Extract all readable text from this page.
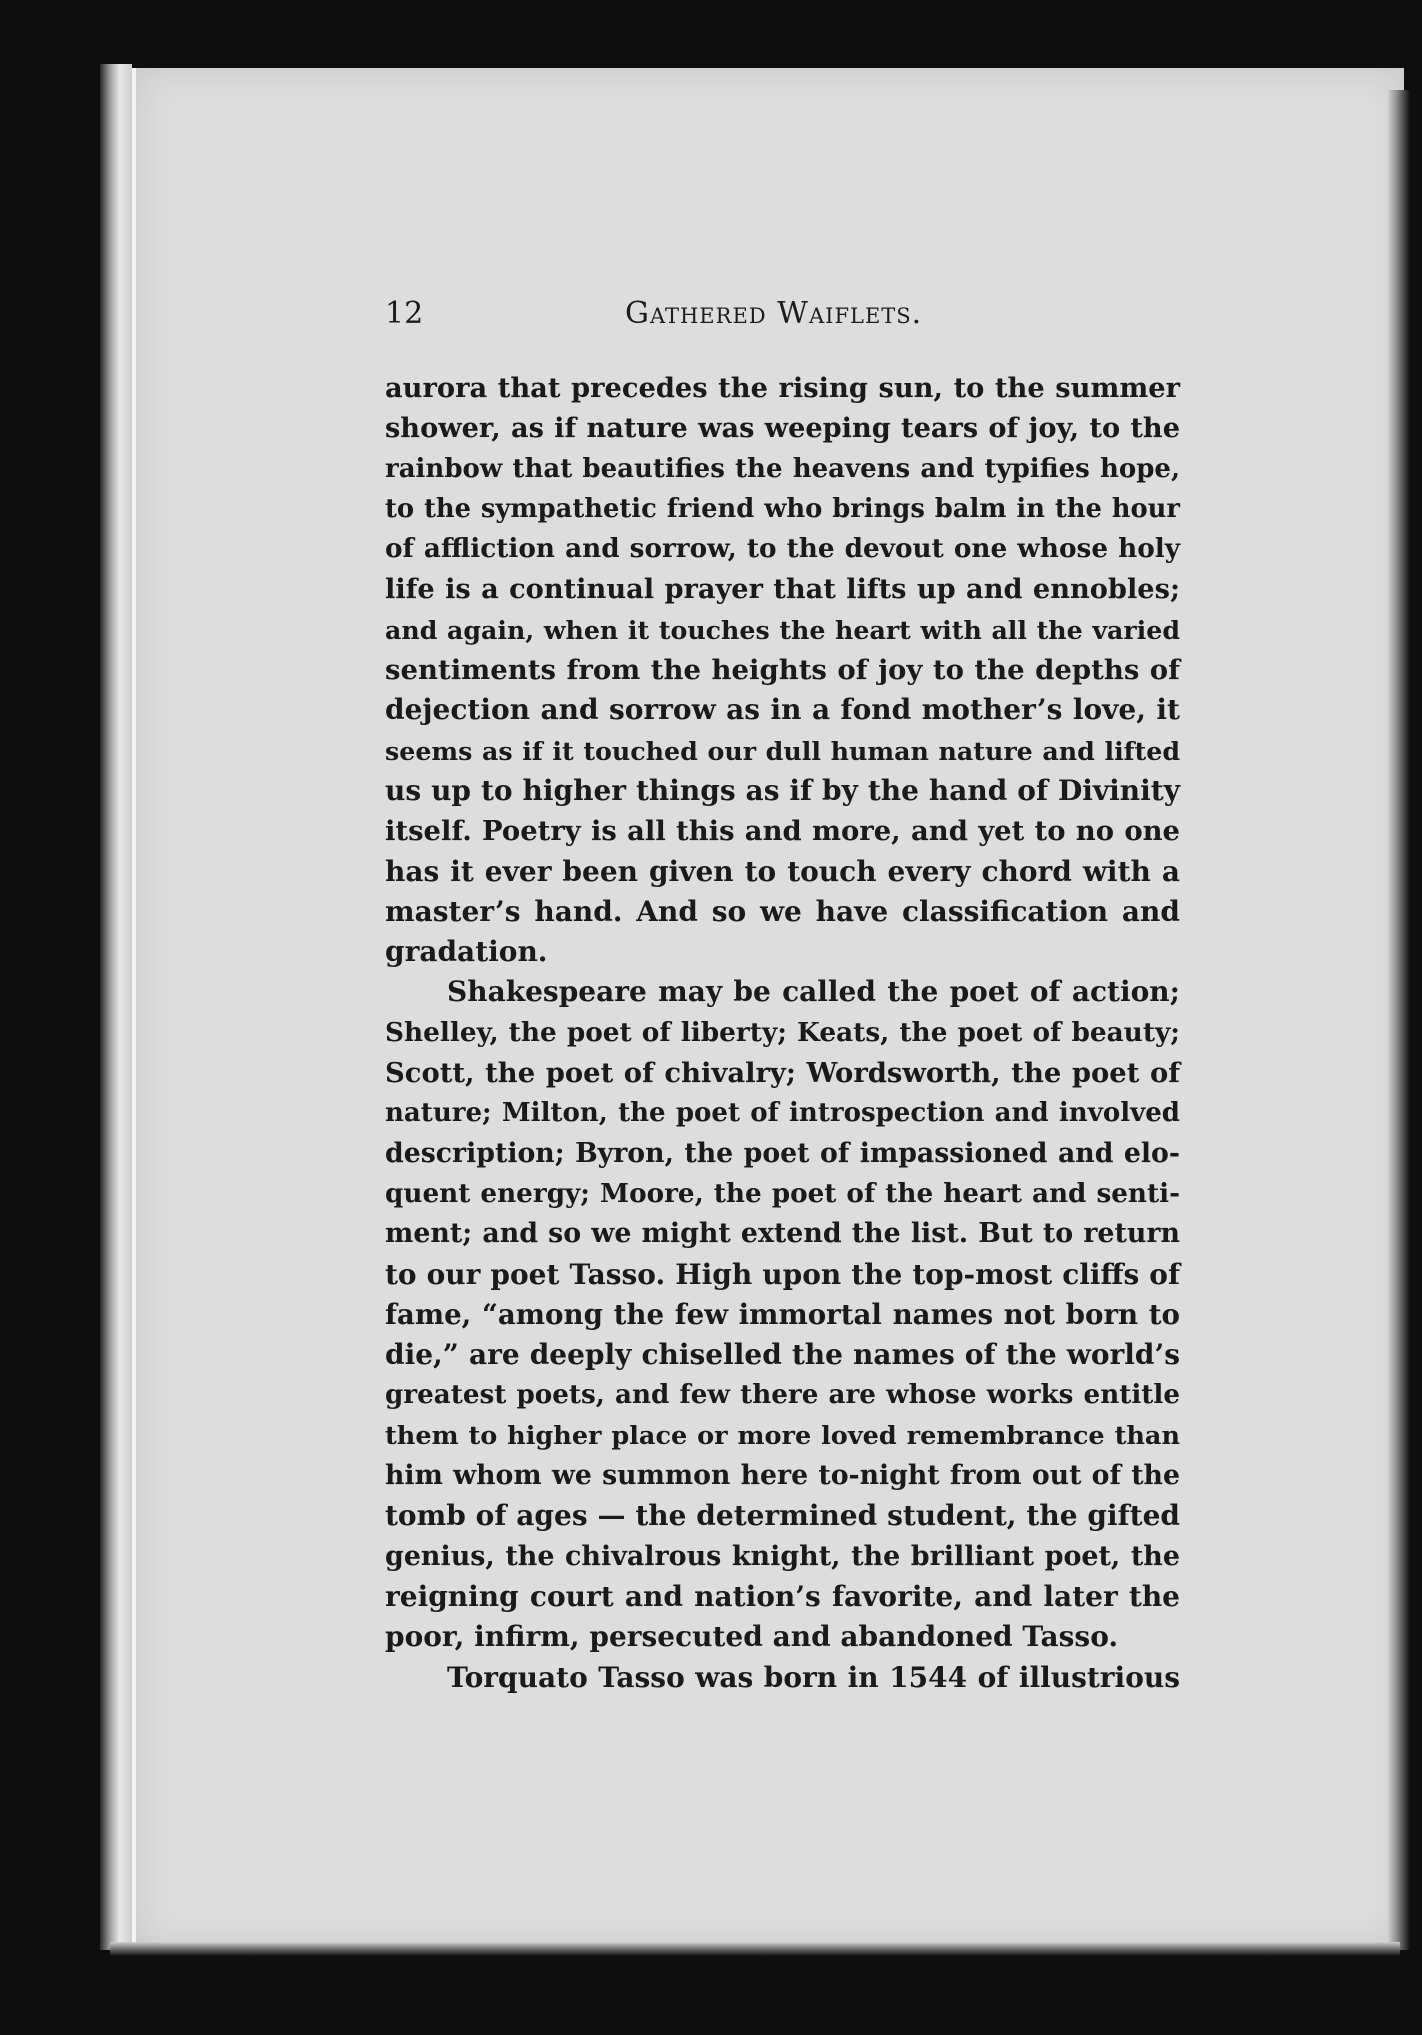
12	Gathered Waiflets.

aurora that precedes the rising sun, to the summer

shower, as if nature was weeping tears of joy, to the

rainbow that beautifies the heavens and typifies hope,

to the sympathetic friend who brings balm in the hour

of affliction and sorrow, to the devout one whose holy

life is a continual prayer that lifts up and ennobles;

and again, when it touches the heart with all the varied

sentiments from the heights of joy to the depths of

dejection and sorrow as in a fond mother’s love, it

seems as if it touched our dull human nature and lifted

us up to higher things as if by the hand of Divinity

itself. Poetry is all this and more, and yet to no one

has it ever been given to touch every chord with a

master’s hand. And so we have classification and

gradation.

Shakespeare may be called the poet of action;

Shelley, the poet of liberty; Keats, the poet of beauty;

Scott, the poet of chivalry; Wordsworth, the poet of

nature; Milton, the poet of introspection and involved

description; Byron, the poet of impassioned and elo-

quent energy; Moore, the poet of the heart and senti-

ment; and so we might extend the list. But to return

to our poet Tasso. High upon the top-most cliffs of

fame, “among the few immortal names not born to

die,” are deeply chiselled the names of the world’s

greatest poets, and few there are whose works entitle

them to higher place or more loved remembrance than

him whom we summon here to-night from out of the

tomb of ages — the determined student, the gifted

genius, the chivalrous knight, the brilliant poet, the

reigning court and nation’s favorite, and later the

poor, infirm, persecuted and abandoned Tasso.

Torquato Tasso was born in 1544 of illustrious
